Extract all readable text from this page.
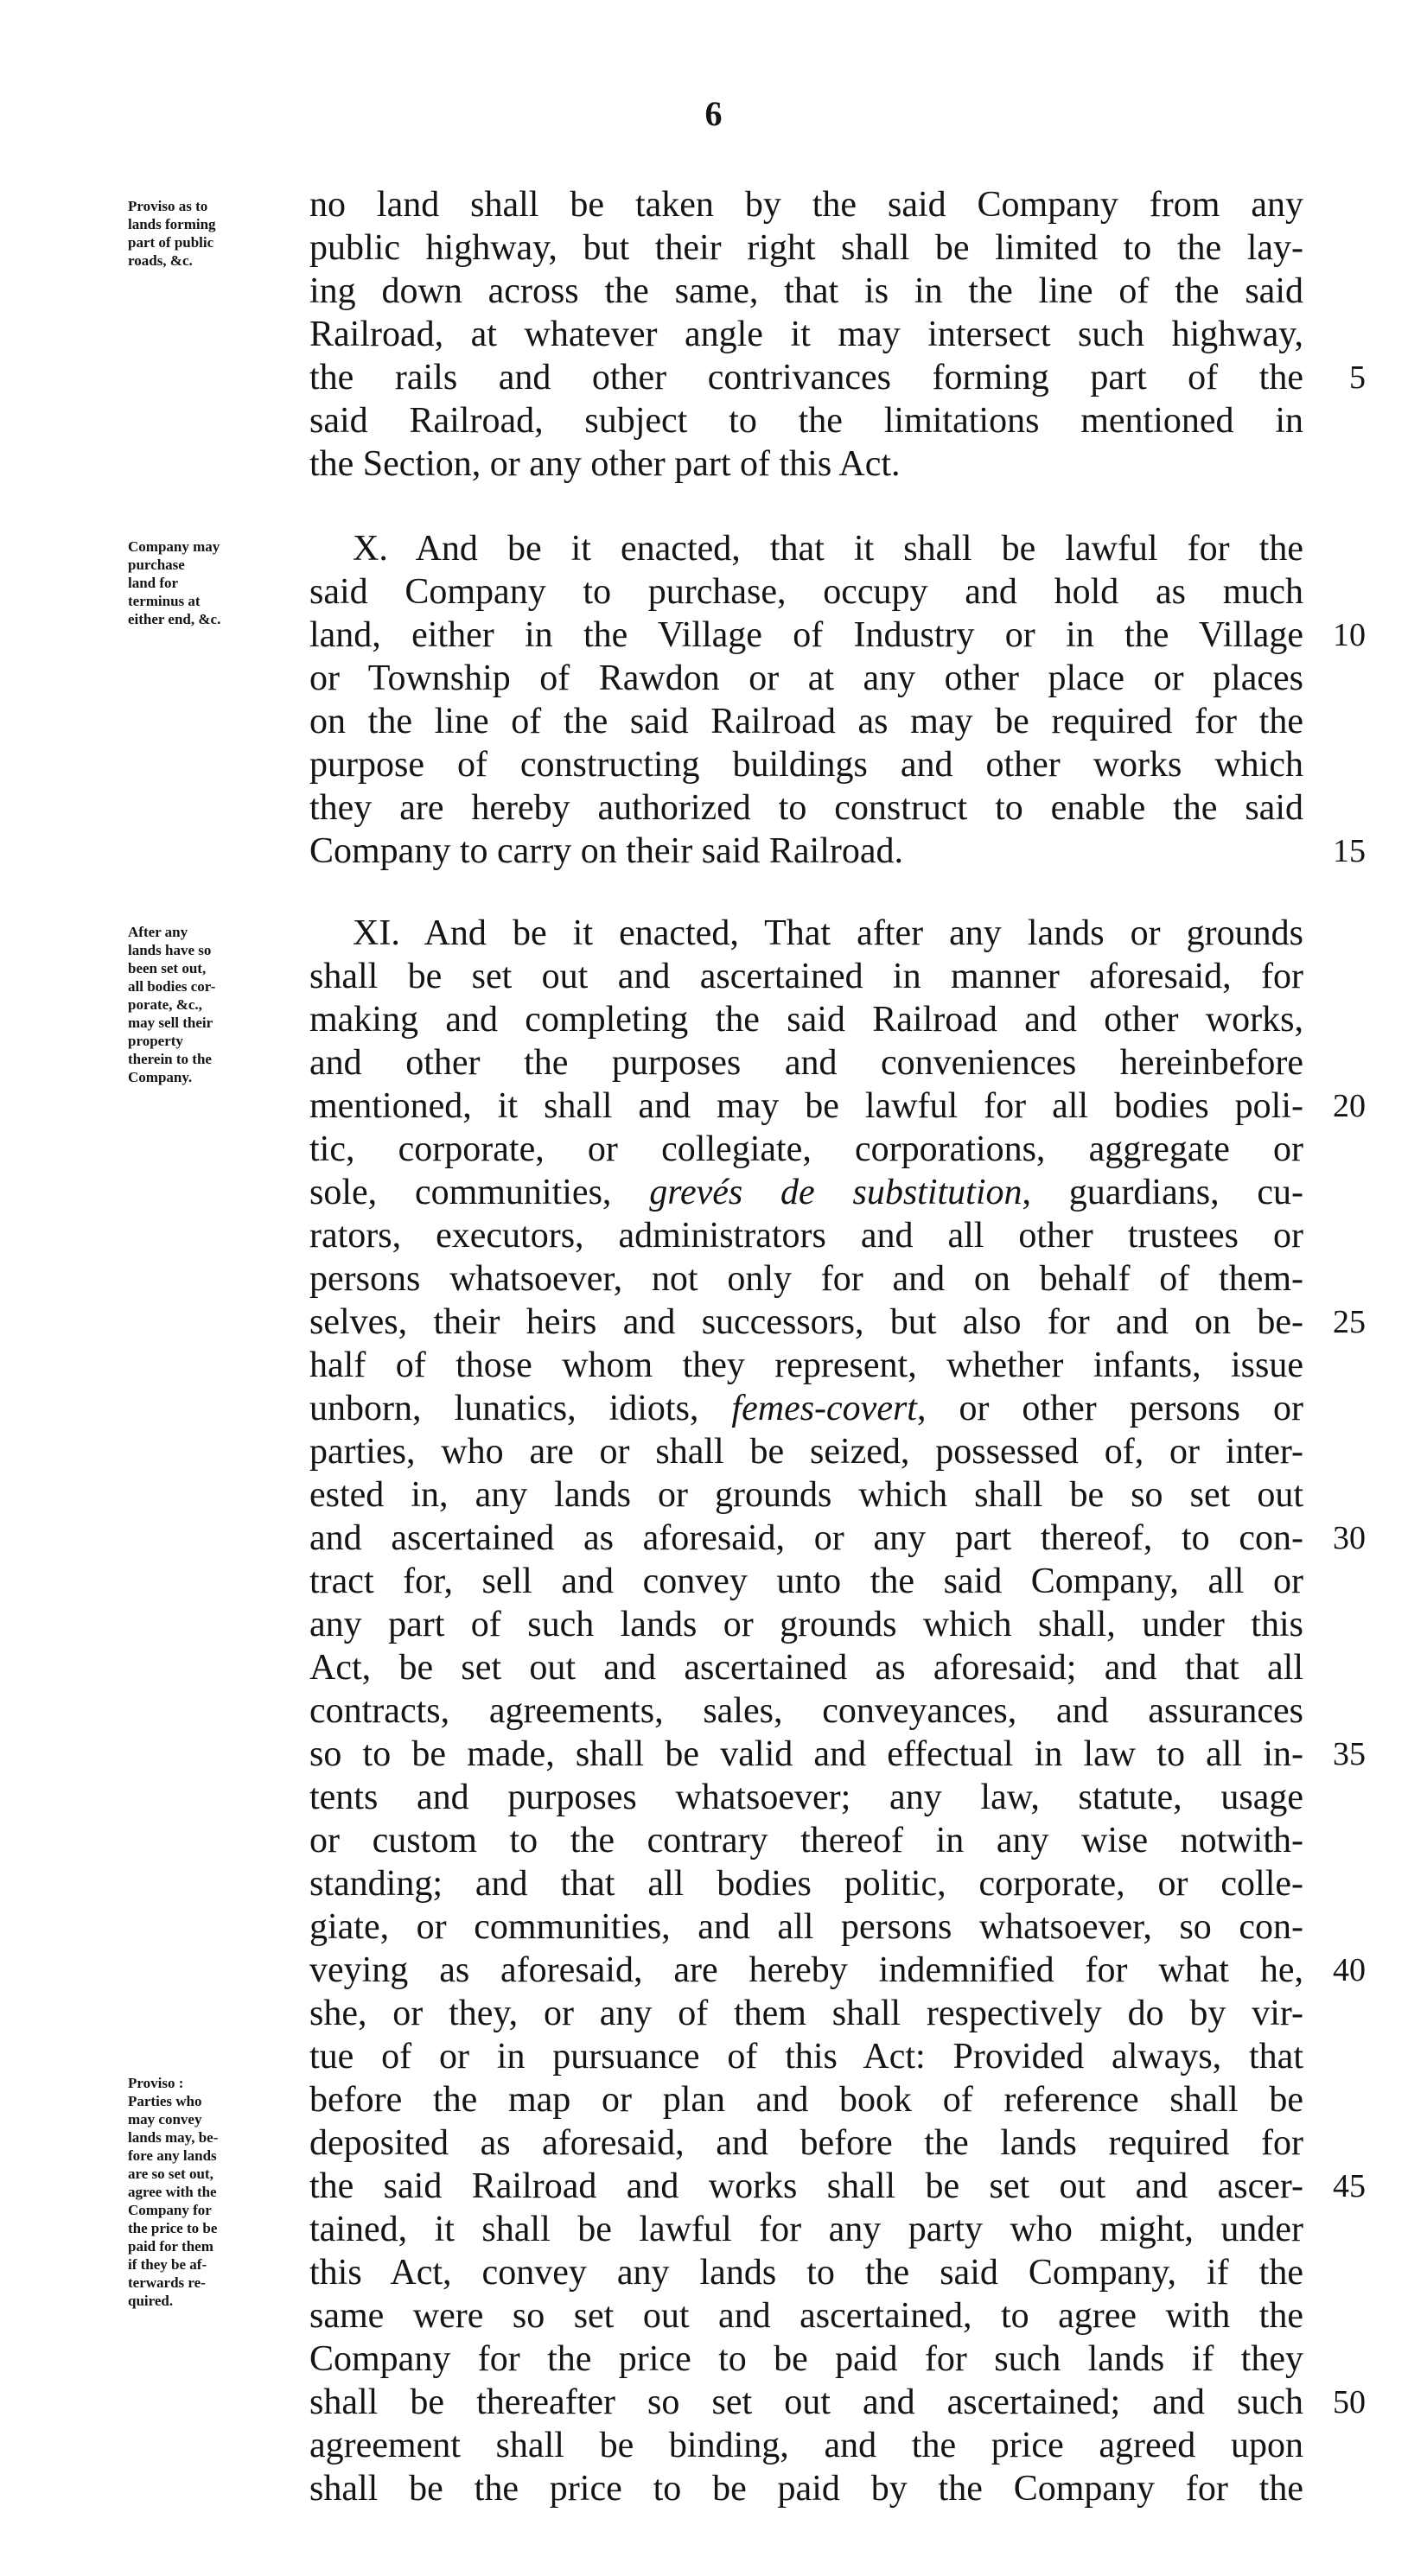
6
Proviso as to
lands forming
part of public
roads, &c.
no land shall be taken by the said Company from any
public highway, but their right shall be limited to the lay-
ing down across the same, that is in the line of the said
Railroad, at whatever angle it may intersect such highway,
the rails and other contrivances forming part of the
said Railroad, subject to the limitations mentioned in
the Section, or any other part of this Act.
Company may
purchase
land for
terminus at
either end, &c.
X. And be it enacted, that it shall be lawful for the
said Company to purchase, occupy and hold as much
land, either in the Village of Industry or in the Village
or Township of Rawdon or at any other place or places
on the line of the said Railroad as may be required for the
purpose of constructing buildings and other works which
they are hereby authorized to construct to enable the said
Company to carry on their said Railroad.
After any
lands have so
been set out,
all bodies cor-
porate, &c.,
may sell their
property
therein to the
Company.
Proviso :
Parties who
may convey
lands may, be-
fore any lands
are so set out,
agree with the
Company for
the price to be
paid for them
if they be af-
terwards re-
quired.
XI. And be it enacted, That after any lands or grounds
shall be set out and ascertained in manner aforesaid, for
making and completing the said Railroad and other works,
and other the purposes and conveniences hereinbefore
mentioned, it shall and may be lawful for all bodies poli-
tic, corporate, or collegiate, corporations, aggregate or
sole, communities, grevés de substitution, guardians, cu-
rators, executors, administrators and all other trustees or
persons whatsoever, not only for and on behalf of them-
selves, their heirs and successors, but also for and on be-
half of those whom they represent, whether infants, issue
unborn, lunatics, idiots, femes-covert, or other persons or
parties, who are or shall be seized, possessed of, or inter-
ested in, any lands or grounds which shall be so set out
and ascertained as aforesaid, or any part thereof, to con-
tract for, sell and convey unto the said Company, all or
any part of such lands or grounds which shall, under this
Act, be set out and ascertained as aforesaid; and that all
contracts, agreements, sales, conveyances, and assurances
so to be made, shall be valid and effectual in law to all in-
tents and purposes whatsoever; any law, statute, usage
or custom to the contrary thereof in any wise notwith-
standing; and that all bodies politic, corporate, or colle-
giate, or communities, and all persons whatsoever, so con-
veying as aforesaid, are hereby indemnified for what he,
she, or they, or any of them shall respectively do by vir-
tue of or in pursuance of this Act: Provided always, that
before the map or plan and book of reference shall be
deposited as aforesaid, and before the lands required for
the said Railroad and works shall be set out and ascer-
tained, it shall be lawful for any party who might, under
this Act, convey any lands to the said Company, if the
same were so set out and ascertained, to agree with the
Company for the price to be paid for such lands if they
shall be thereafter so set out and ascertained; and such
agreement shall be binding, and the price agreed upon
shall be the price to be paid by the Company for the
5
10
15
20
25
30
35
40
45
50
